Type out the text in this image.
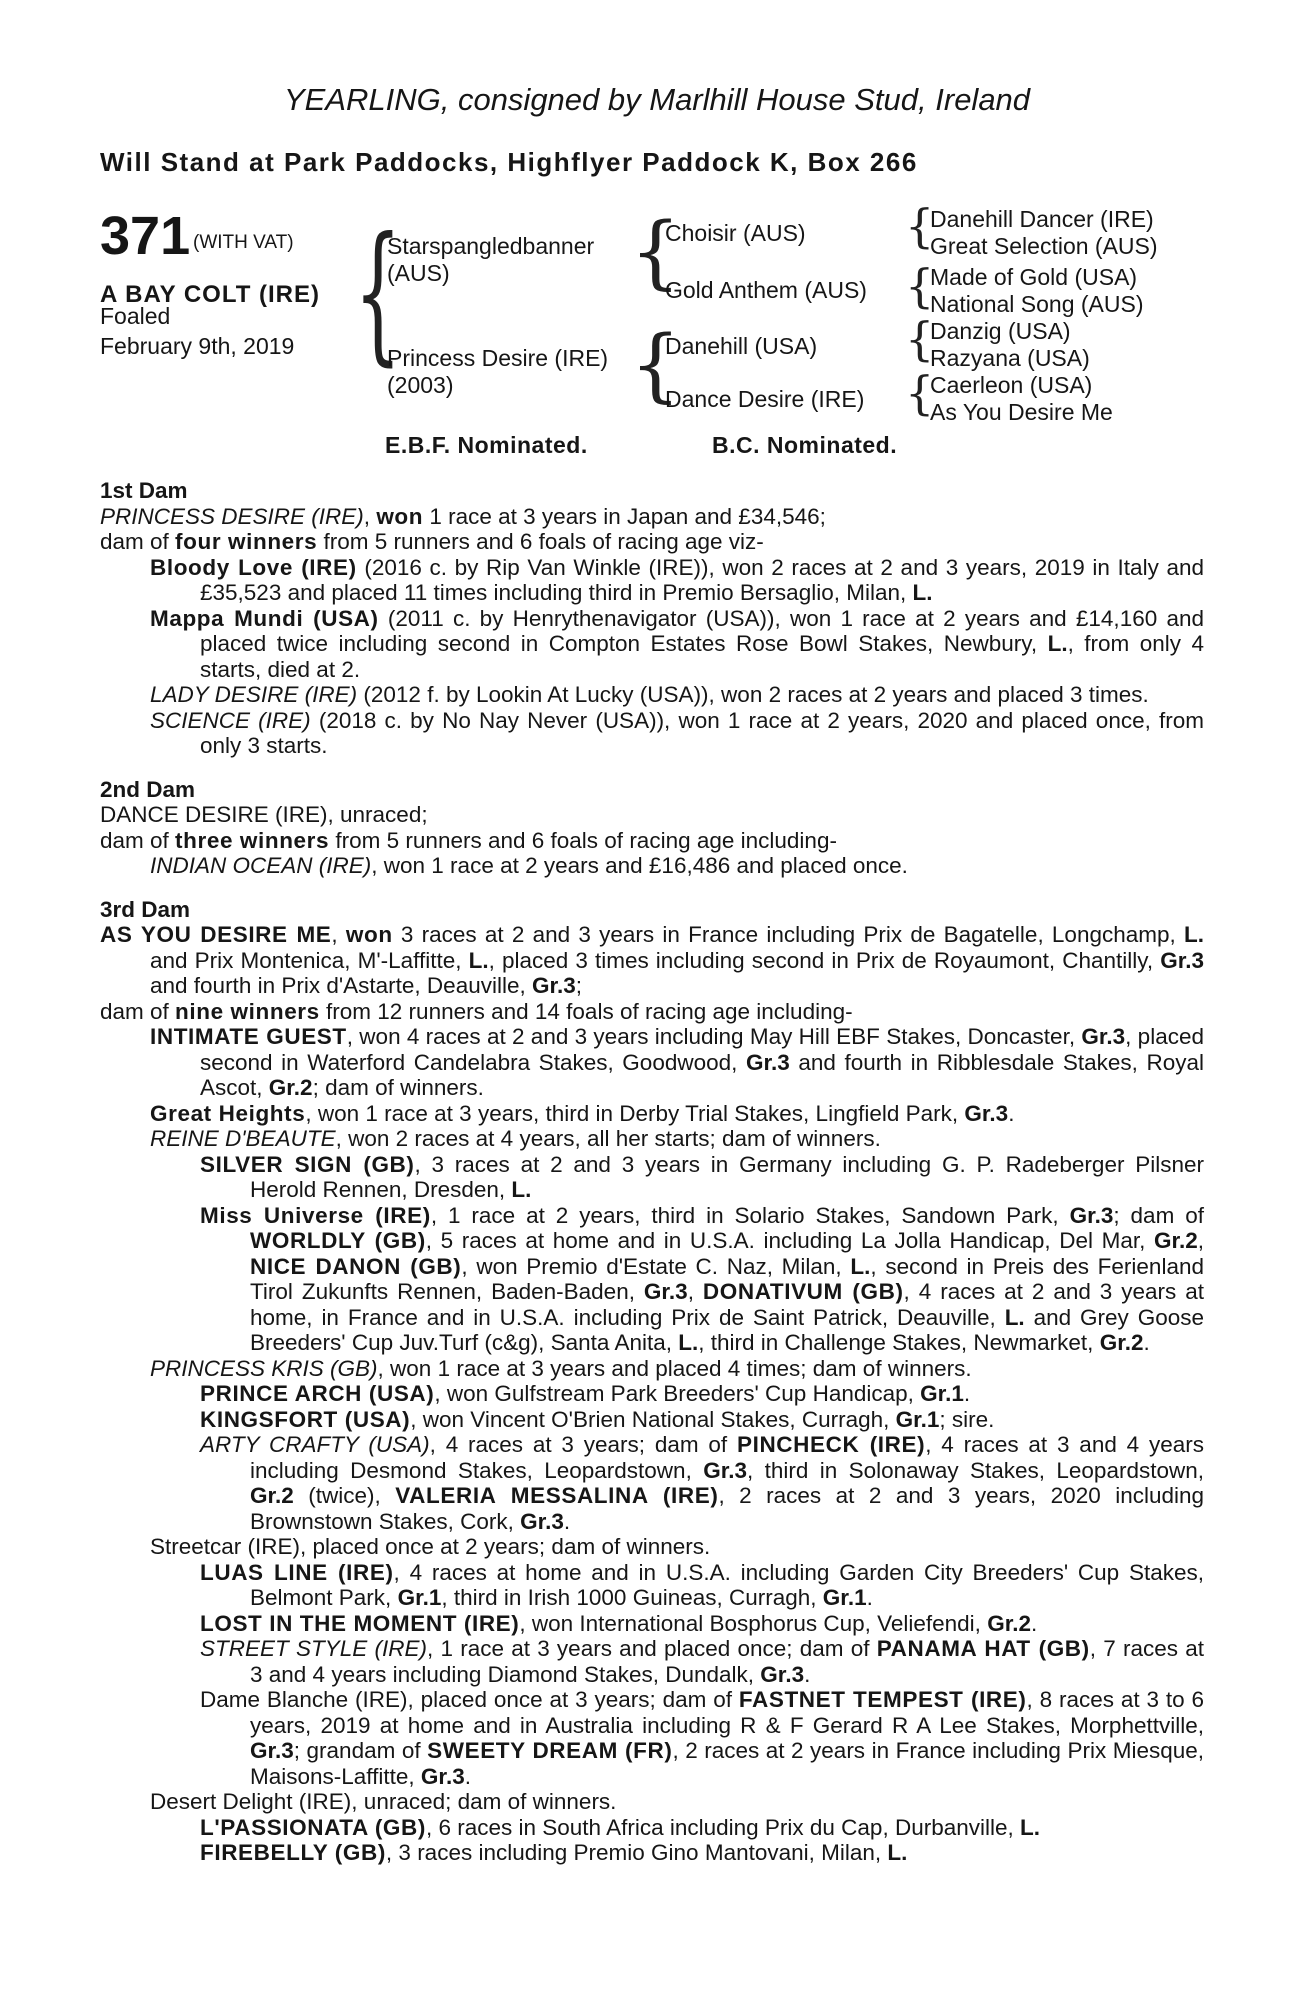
YEARLING, consigned by Marlhill House Stud, Ireland
Will Stand at Park Paddocks, Highflyer Paddock K, Box 266
371 (WITH VAT)
A BAY COLT (IRE)
Foaled
February 9th, 2019 {
Starspangledbanner
(AUS)
Princess Desire (IRE)
(2003)
{
Choisir (AUS)
Gold Anthem (AUS)
{
Danehill (USA)
Dance Desire (IRE)
{
Danehill Dancer (IRE)
Great Selection (AUS)
{
Made of Gold (USA)
National Song (AUS)
{
Danzig (USA)
Razyana (USA)
{
Caerleon (USA)
As You Desire Me
E.B.F. Nominated.	B.C. Nominated.
1st Dam
PRINCESS DESIRE (IRE), won 1 race at 3 years in Japan and £34,546;
dam of four winners from 5 runners and 6 foals of racing age viz-
Bloody Love (IRE) (2016 c. by Rip Van Winkle (IRE)), won 2 races at 2 and 3 years, 2019 in Italy and £35,523 and placed 11 times including third in Premio Bersaglio, Milan, L.
Mappa Mundi (USA) (2011 c. by Henrythenavigator (USA)), won 1 race at 2 years and £14,160 and placed twice including second in Compton Estates Rose Bowl Stakes, Newbury, L., from only 4 starts, died at 2.
LADY DESIRE (IRE) (2012 f. by Lookin At Lucky (USA)), won 2 races at 2 years and placed 3 times.
SCIENCE (IRE) (2018 c. by No Nay Never (USA)), won 1 race at 2 years, 2020 and placed once, from only 3 starts.
2nd Dam
DANCE DESIRE (IRE), unraced;
dam of three winners from 5 runners and 6 foals of racing age including-
INDIAN OCEAN (IRE), won 1 race at 2 years and £16,486 and placed once.
3rd Dam
AS YOU DESIRE ME, won 3 races at 2 and 3 years in France including Prix de Bagatelle, Longchamp, L. and Prix Montenica, M'-Laffitte, L., placed 3 times including second in Prix de Royaumont, Chantilly, Gr.3 and fourth in Prix d'Astarte, Deauville, Gr.3;
dam of nine winners from 12 runners and 14 foals of racing age including-
INTIMATE GUEST, won 4 races at 2 and 3 years including May Hill EBF Stakes, Doncaster, Gr.3, placed second in Waterford Candelabra Stakes, Goodwood, Gr.3 and fourth in Ribblesdale Stakes, Royal Ascot, Gr.2; dam of winners.
Great Heights, won 1 race at 3 years, third in Derby Trial Stakes, Lingfield Park, Gr.3.
REINE D'BEAUTE, won 2 races at 4 years, all her starts; dam of winners.
SILVER SIGN (GB), 3 races at 2 and 3 years in Germany including G. P. Radeberger Pilsner Herold Rennen, Dresden, L.
Miss Universe (IRE), 1 race at 2 years, third in Solario Stakes, Sandown Park, Gr.3; dam of WORLDLY (GB), 5 races at home and in U.S.A. including La Jolla Handicap, Del Mar, Gr.2, NICE DANON (GB), won Premio d'Estate C. Naz, Milan, L., second in Preis des Ferienland Tirol Zukunfts Rennen, Baden-Baden, Gr.3, DONATIVUM (GB), 4 races at 2 and 3 years at home, in France and in U.S.A. including Prix de Saint Patrick, Deauville, L. and Grey Goose Breeders' Cup Juv.Turf (c&g), Santa Anita, L., third in Challenge Stakes, Newmarket, Gr.2.
PRINCESS KRIS (GB), won 1 race at 3 years and placed 4 times; dam of winners.
PRINCE ARCH (USA), won Gulfstream Park Breeders' Cup Handicap, Gr.1.
KINGSFORT (USA), won Vincent O'Brien National Stakes, Curragh, Gr.1; sire.
ARTY CRAFTY (USA), 4 races at 3 years; dam of PINCHECK (IRE), 4 races at 3 and 4 years including Desmond Stakes, Leopardstown, Gr.3, third in Solonaway Stakes, Leopardstown, Gr.2 (twice), VALERIA MESSALINA (IRE), 2 races at 2 and 3 years, 2020 including Brownstown Stakes, Cork, Gr.3.
Streetcar (IRE), placed once at 2 years; dam of winners.
LUAS LINE (IRE), 4 races at home and in U.S.A. including Garden City Breeders' Cup Stakes, Belmont Park, Gr.1, third in Irish 1000 Guineas, Curragh, Gr.1.
LOST IN THE MOMENT (IRE), won International Bosphorus Cup, Veliefendi, Gr.2.
STREET STYLE (IRE), 1 race at 3 years and placed once; dam of PANAMA HAT (GB), 7 races at 3 and 4 years including Diamond Stakes, Dundalk, Gr.3.
Dame Blanche (IRE), placed once at 3 years; dam of FASTNET TEMPEST (IRE), 8 races at 3 to 6 years, 2019 at home and in Australia including R & F Gerard R A Lee Stakes, Morphettville, Gr.3; grandam of SWEETY DREAM (FR), 2 races at 2 years in France including Prix Miesque, Maisons-Laffitte, Gr.3.
Desert Delight (IRE), unraced; dam of winners.
L'PASSIONATA (GB), 6 races in South Africa including Prix du Cap, Durbanville, L.
FIREBELLY (GB), 3 races including Premio Gino Mantovani, Milan, L.
